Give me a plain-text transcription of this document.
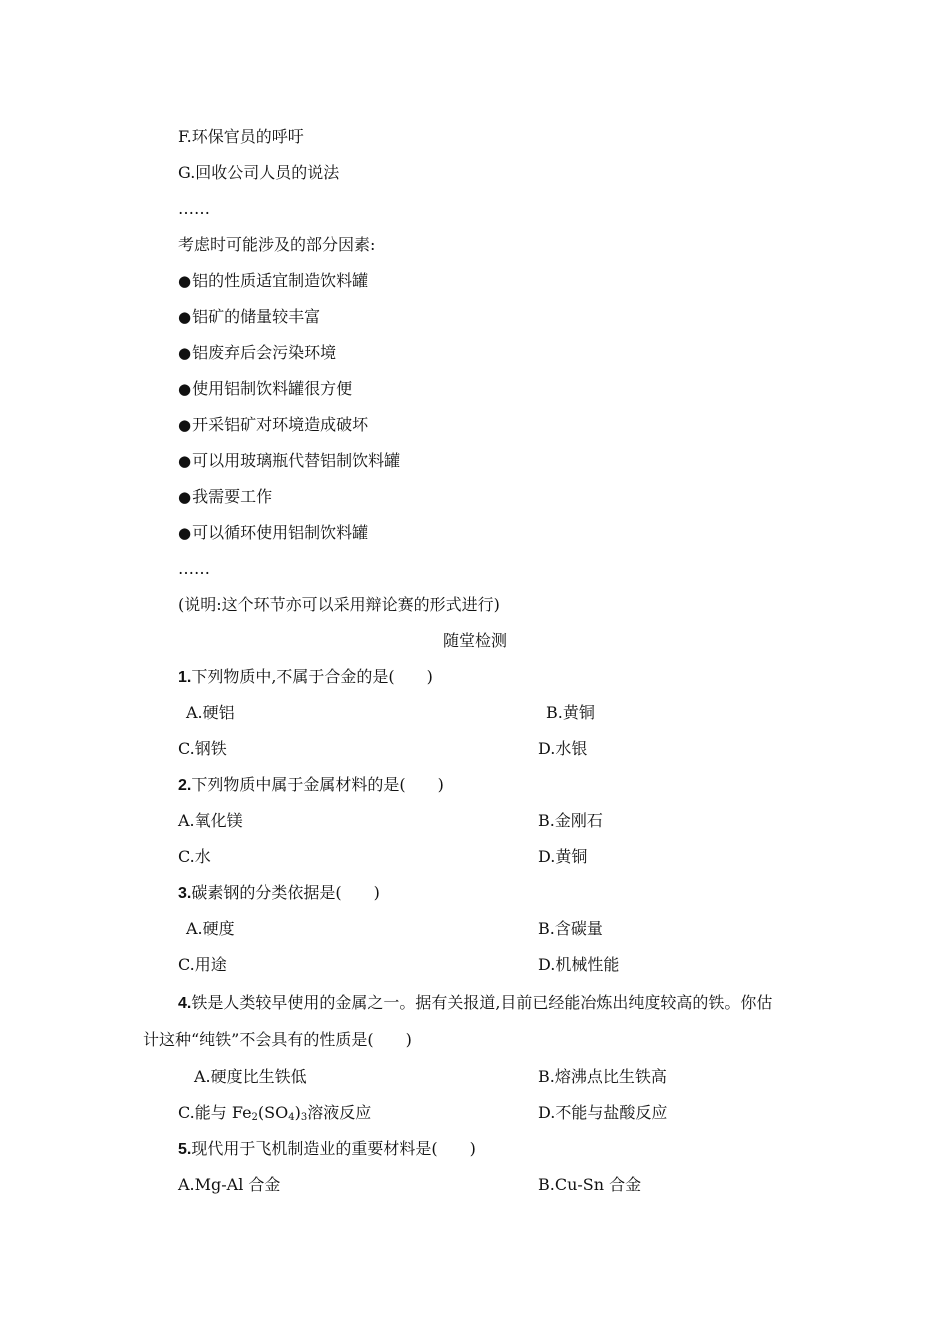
F.环保官员的呼吁
G.回收公司人员的说法
……
考虑时可能涉及的部分因素:
●铝的性质适宜制造饮料罐
●铝矿的储量较丰富
●铝废弃后会污染环境
●使用铝制饮料罐很方便
●开采铝矿对环境造成破坏
●可以用玻璃瓶代替铝制饮料罐
●我需要工作
●可以循环使用铝制饮料罐
……
(说明:这个环节亦可以采用辩论赛的形式进行)
随堂检测
1.下列物质中,不属于合金的是(　　)
A.硬铝	B.黄铜
C.钢铁	D.水银
2.下列物质中属于金属材料的是(　　)
A.氧化镁	B.金刚石
C.水	D.黄铜
3.碳素钢的分类依据是(　　)
A.硬度	B.含碳量
C.用途	D.机械性能
4.铁是人类较早使用的金属之一。据有关报道,目前已经能冶炼出纯度较高的铁。你估
计这种“纯铁”不会具有的性质是(　　)
A.硬度比生铁低	B.熔沸点比生铁高
C.能与 $Fe_2(SO_4)_3$溶液反应	D.不能与盐酸反应
5.现代用于飞机制造业的重要材料是(　　)
A.Mg-Al 合金	B.Cu-Sn 合金
